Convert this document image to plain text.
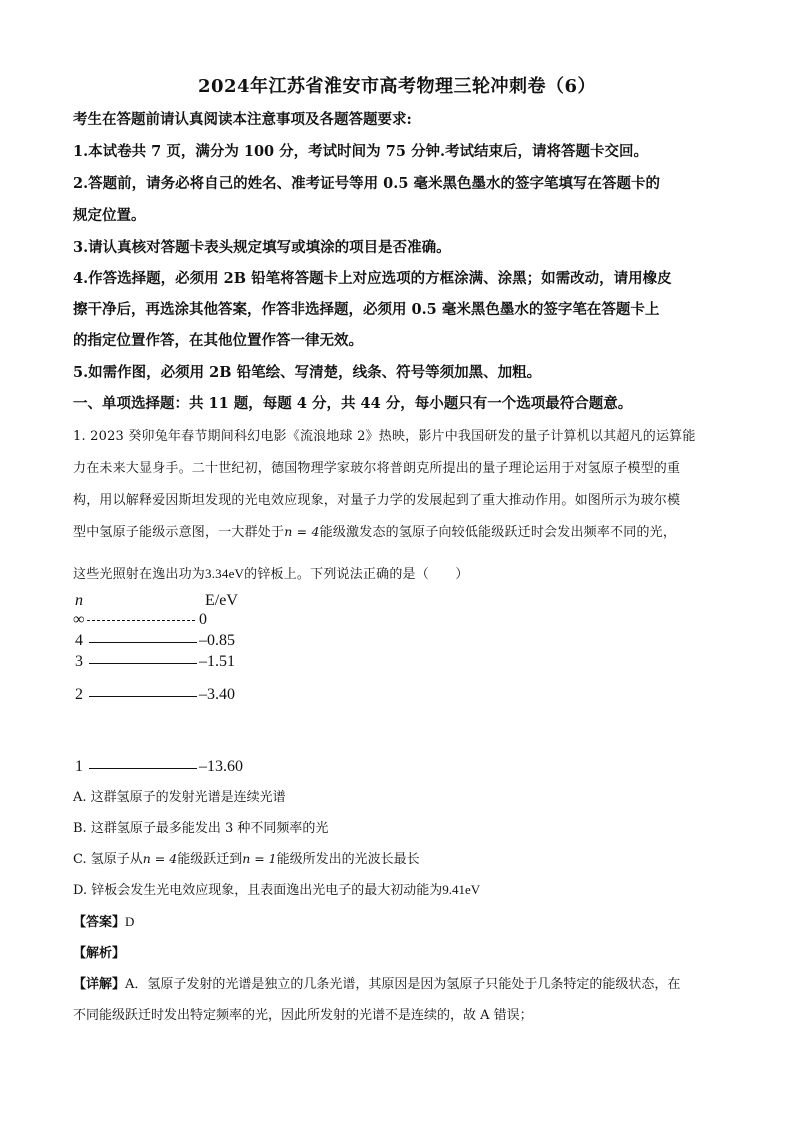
2024年江苏省淮安市高考物理三轮冲刺卷（6）
考生在答题前请认真阅读本注意事项及各题答题要求:
1.本试卷共 7 页，满分为 100 分，考试时间为 75 分钟.考试结束后，请将答题卡交回。
2.答题前，请务必将自己的姓名、准考证号等用 0.5 毫米黑色墨水的签字笔填写在答题卡的
规定位置。
3.请认真核对答题卡表头规定填写或填涂的项目是否准确。
4.作答选择题，必须用 2B 铅笔将答题卡上对应选项的方框涂满、涂黑；如需改动，请用橡皮
擦干净后，再选涂其他答案，作答非选择题，必须用 0.5 毫米黑色墨水的签字笔在答题卡上
的指定位置作答，在其他位置作答一律无效。
5.如需作图，必须用 2B 铅笔绘、写清楚，线条、符号等须加黑、加粗。
一、单项选择题：共 11 题，每题 4 分，共 44 分，每小题只有一个选项最符合题意。
1. 2023 癸卯兔年春节期间科幻电影《流浪地球 2》热映，影片中我国研发的量子计算机以其超凡的运算能
力在未来大显身手。二十世纪初，德国物理学家玻尔将普朗克所提出的量子理论运用于对氢原子模型的重
构，用以解释爱因斯坦发现的光电效应现象，对量子力学的发展起到了重大推动作用。如图所示为玻尔模
型中氢原子能级示意图，一大群处于n = 4能级激发态的氢原子向较低能级跃迁时会发出频率不同的光，
这些光照射在逸出功为3.34eV的锌板上。下列说法正确的是（　　）
n	E/eV
∞	0
4	–0.85
3	–1.51
2	–3.40
1	–13.60
A. 这群氢原子的发射光谱是连续光谱
B. 这群氢原子最多能发出 3 种不同频率的光
C. 氢原子从n = 4能级跃迁到n = 1能级所发出的光波长最长
D. 锌板会发生光电效应现象，且表面逸出光电子的最大初动能为9.41eV
【答案】D
【解析】
【详解】A．氢原子发射的光谱是独立的几条光谱，其原因是因为氢原子只能处于几条特定的能级状态，在
不同能级跃迁时发出特定频率的光，因此所发射的光谱不是连续的，故 A 错误；
